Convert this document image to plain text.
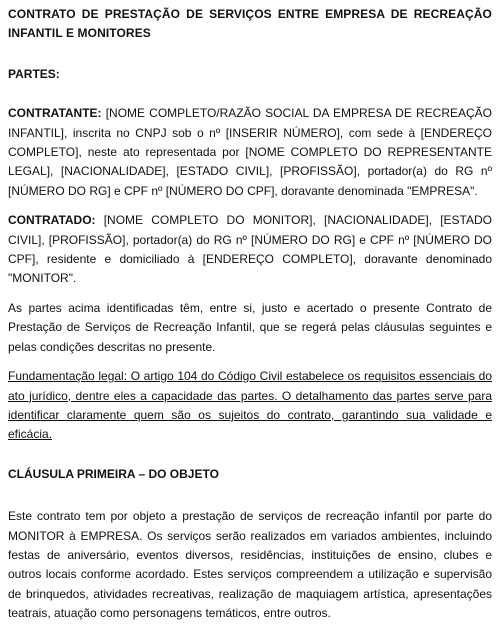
CONTRATO DE PRESTAÇÃO DE SERVIÇOS ENTRE EMPRESA DE RECREAÇÃO INFANTIL E MONITORES

PARTES:

CONTRATANTE: [NOME COMPLETO/RAZÃO SOCIAL DA EMPRESA DE RECREAÇÃO INFANTIL], inscrita no CNPJ sob o nº [INSERIR NÚMERO], com sede à [ENDEREÇO COMPLETO], neste ato representada por [NOME COMPLETO DO REPRESENTANTE LEGAL], [NACIONALIDADE], [ESTADO CIVIL], [PROFISSÃO], portador(a) do RG nº [NÚMERO DO RG] e CPF nº [NÚMERO DO CPF], doravante denominada "EMPRESA".

CONTRATADO: [NOME COMPLETO DO MONITOR], [NACIONALIDADE], [ESTADO CIVIL], [PROFISSÃO], portador(a) do RG nº [NÚMERO DO RG] e CPF nº [NÚMERO DO CPF], residente e domiciliado à [ENDEREÇO COMPLETO], doravante denominado "MONITOR".

As partes acima identificadas têm, entre si, justo e acertado o presente Contrato de Prestação de Serviços de Recreação Infantil, que se regerá pelas cláusulas seguintes e pelas condições descritas no presente.

Fundamentação legal: O artigo 104 do Código Civil estabelece os requisitos essenciais do ato jurídico, dentre eles a capacidade das partes. O detalhamento das partes serve para identificar claramente quem são os sujeitos do contrato, garantindo sua validade e eficácia.

CLÁUSULA PRIMEIRA – DO OBJETO

Este contrato tem por objeto a prestação de serviços de recreação infantil por parte do MONITOR à EMPRESA. Os serviços serão realizados em variados ambientes, incluindo festas de aniversário, eventos diversos, residências, instituições de ensino, clubes e outros locais conforme acordado. Estes serviços compreendem a utilização e supervisão de brinquedos, atividades recreativas, realização de maquiagem artística, apresentações teatrais, atuação como personagens temáticos, entre outros.
